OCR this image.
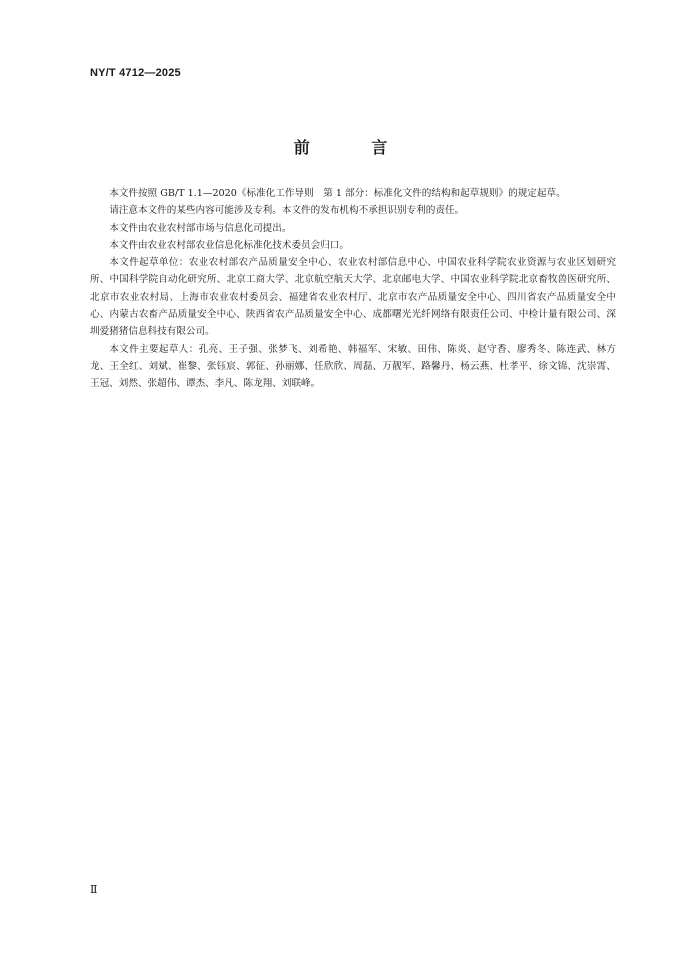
NY/T 4712—2025
前 言

本文件按照 GB/T 1.1—2020《标准化工作导则　第 1 部分：标准化文件的结构和起草规则》的规定起草。

请注意本文件的某些内容可能涉及专利。本文件的发布机构不承担识别专利的责任。

本文件由农业农村部市场与信息化司提出。

本文件由农业农村部农业信息化标准化技术委员会归口。

本文件起草单位：农业农村部农产品质量安全中心、农业农村部信息中心、中国农业科学院农业资源与农业区划研究所、中国科学院自动化研究所、北京工商大学、北京航空航天大学、北京邮电大学、中国农业科学院北京畜牧兽医研究所、北京市农业农村局、上海市农业农村委员会、福建省农业农村厅、北京市农产品质量安全中心、四川省农产品质量安全中心、内蒙古农畜产品质量安全中心、陕西省农产品质量安全中心、成都曙光光纤网络有限责任公司、中检计量有限公司、深圳爱猪猪信息科技有限公司。

本文件主要起草人：孔亮、王子强、张梦飞、刘希艳、韩福军、宋敏、田伟、陈炎、赵守香、廖秀冬、陈连武、林方龙、王全红、刘斌、崔黎、张钰宸、郭征、孙丽娜、任欣欣、周磊、万靓军、路馨丹、杨云燕、杜孝平、徐文锦、沈崇霄、王冠、刘然、张超伟、谭杰、李凡、陈龙翔、刘联峰。

Ⅱ
